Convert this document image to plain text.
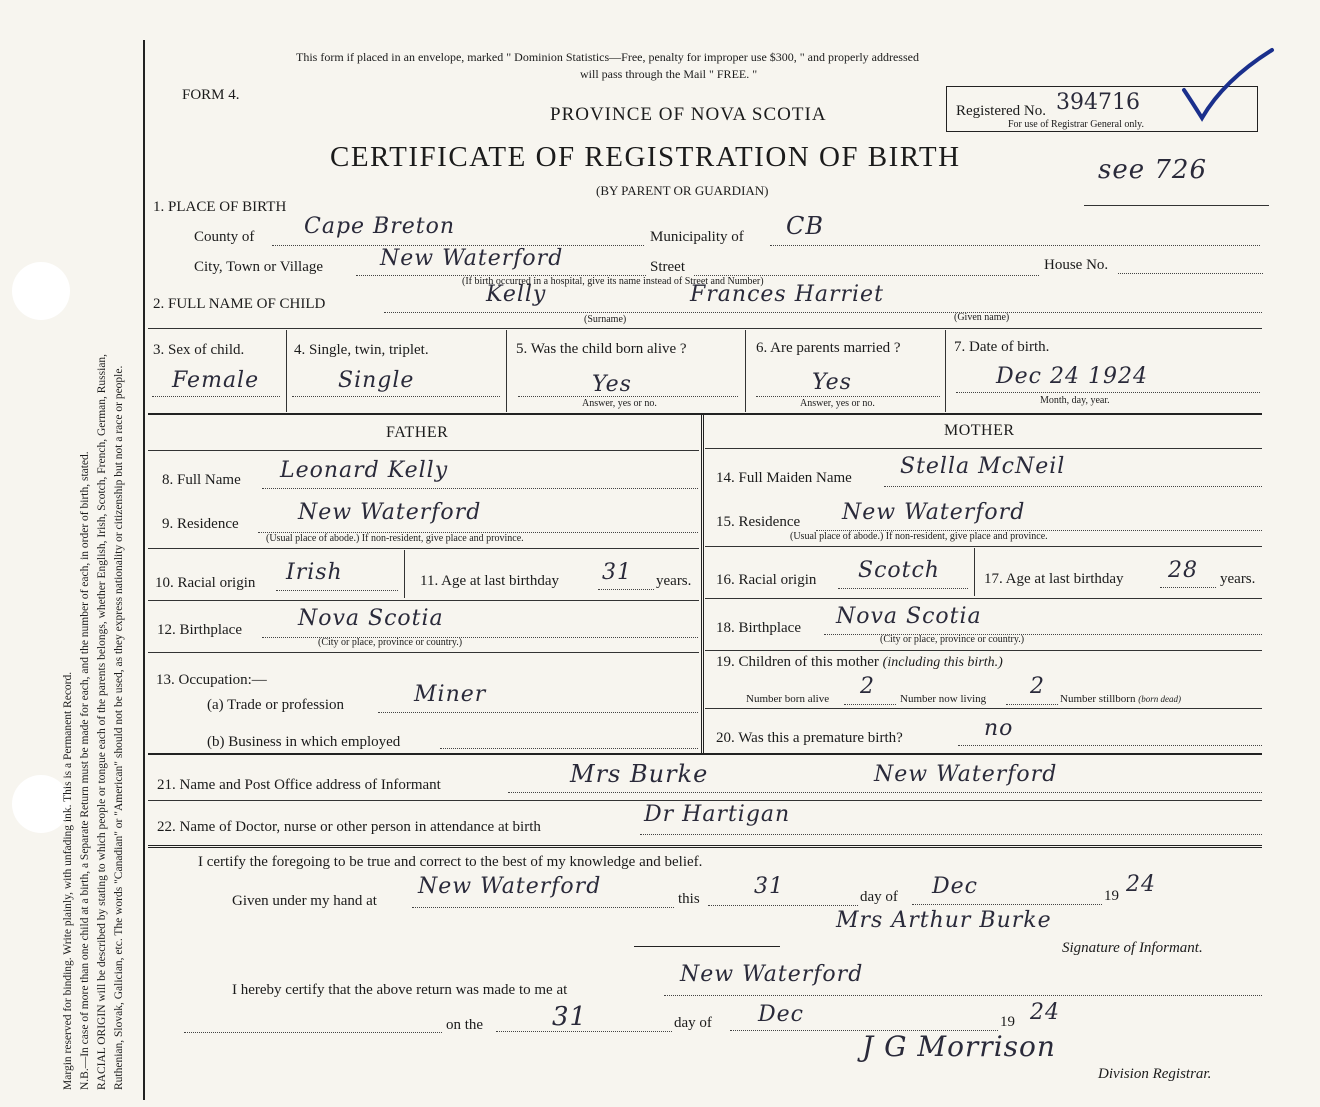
Margin reserved for binding. Write plainly, with unfading ink. This is a Permanent Record. N.B.—In case of more than one child at a birth, a Separate Return must be made for each, and the number of each, in order of birth, stated. RACIAL ORIGIN will be described by stating to which people or tongue each of the parents belongs, whether English, Irish, Scotch, French, German, Russian, Ruthenian, Slovak, Galician, etc. The words "Canadian" or "American" should not be used, as they express nationality or citizenship but not a race or people.
This form if placed in an envelope, marked " Dominion Statistics—Free, penalty for improper use $300, " and properly addressed
will pass through the Mail " FREE. "
FORM 4.
PROVINCE OF NOVA SCOTIA	Registered No. 394716
For use of Registrar General only.
CERTIFICATE OF REGISTRATION OF BIRTH
(BY PARENT OR GUARDIAN)
see 726
1. PLACE OF BIRTH
County of Cape Breton	Municipality of CB
City, Town or Village	New Waterford	Street	House No.
(If birth occurred in a hospital, give its name instead of Street and Number)
2. FULL NAME OF CHILD	Kelly	Frances Harriet
(Surname)	(Given name)
3. Sex of child.
Female
4. Single, twin, triplet.
Single
5. Was the child born alive ?
Yes
Answer, yes or no.
6. Are parents married ?
Yes
Answer, yes or no.
7. Date of birth.
Dec 24 1924
Month, day, year.
FATHER
8. Full Name Leonard Kelly
9. Residence	New Waterford
(Usual place of abode.) If non-resident, give place and province.
10. Racial origin Irish	11. Age at last birthday 31 years.
12. Birthplace	Nova Scotia
(City or place, province or country.)
13. Occupation:—
(a) Trade or profession	Miner
(b) Business in which employed
MOTHER
14. Full Maiden Name Stella McNeil
15. Residence New Waterford
(Usual place of abode.) If non-resident, give place and province.
16. Racial origin Scotch	17. Age at last birthday 28 years.
18. Birthplace Nova Scotia
(City or place, province or country.)
19. Children of this mother (including this birth.)
Number born alive 2 Number now living 2 Number stillborn (born dead)
20. Was this a premature birth?	no
21. Name and Post Office address of Informant	Mrs Burke	New Waterford
22. Name of Doctor, nurse or other person in attendance at birth	Dr Hartigan
I certify the foregoing to be true and correct to the best of my knowledge and belief.
Given under my hand at
New Waterford	this 31	day of Dec	19 24
Mrs Arthur Burke
Signature of Informant.
I hereby certify that the above return was made to me at
New Waterford
on the	31	day of Dec	19 24
J G Morrison
Division Registrar.
